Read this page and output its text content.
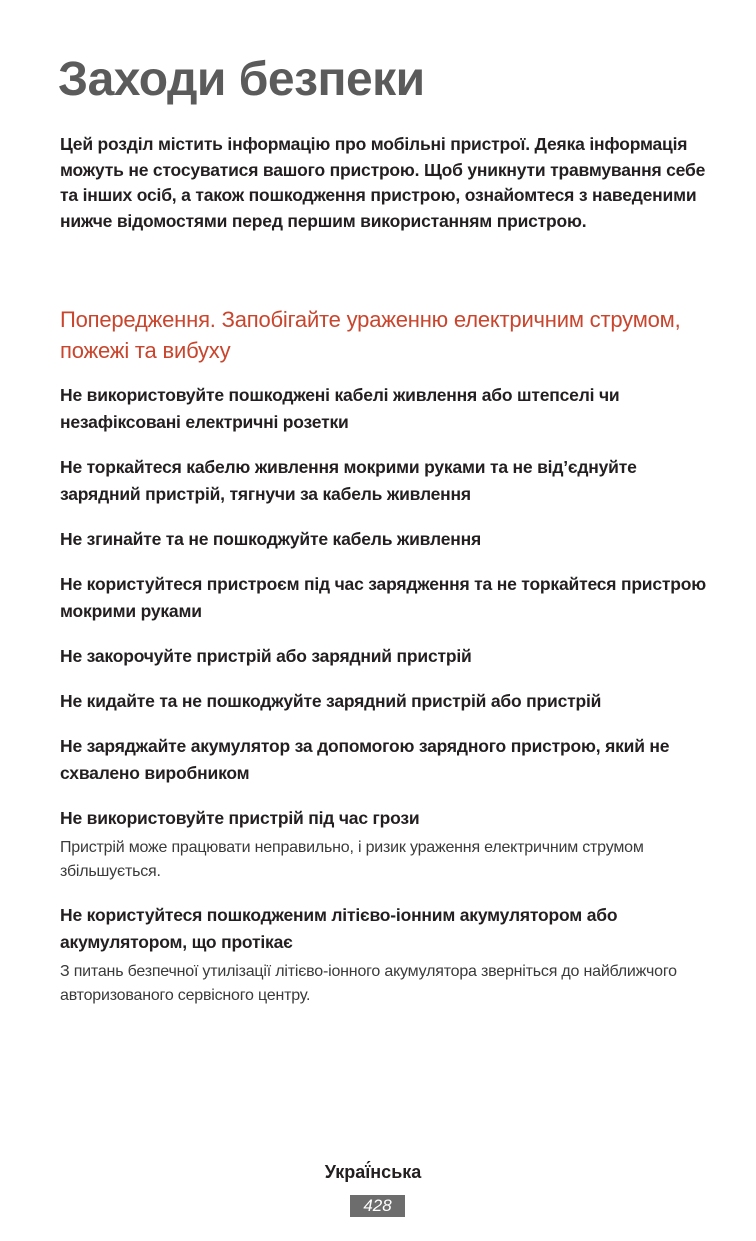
Заходи безпеки

Цей розділ містить інформацію про мобільні пристрої. Деяка інформація можуть не стосуватися вашого пристрою. Щоб уникнути травмування себе та інших осіб, а також пошкодження пристрою, ознайомтеся з наведеними нижче відомостями перед першим використанням пристрою.

Попередження. Запобігайте ураженню електричним струмом, пожежі та вибуху

Не використовуйте пошкоджені кабелі живлення або штепселі чи незафіксовані електричні розетки

Не торкайтеся кабелю живлення мокрими руками та не від’єднуйте зарядний пристрій, тягнучи за кабель живлення

Не згинайте та не пошкоджуйте кабель живлення

Не користуйтеся пристроєм під час зарядження та не торкайтеся пристрою мокрими руками

Не закорочуйте пристрій або зарядний пристрій

Не кидайте та не пошкоджуйте зарядний пристрій або пристрій

Не заряджайте акумулятор за допомогою зарядного пристрою, який не схвалено виробником

Не використовуйте пристрій під час грози

Пристрій може працювати неправильно, і ризик ураження електричним струмом збільшується.

Не користуйтеся пошкодженим літієво-іонним акумулятором або акумулятором, що протікає

З питань безпечної утилізації літієво-іонного акумулятора зверніться до найближчого авторизованого сервісного центру.

Украї́нська
428
